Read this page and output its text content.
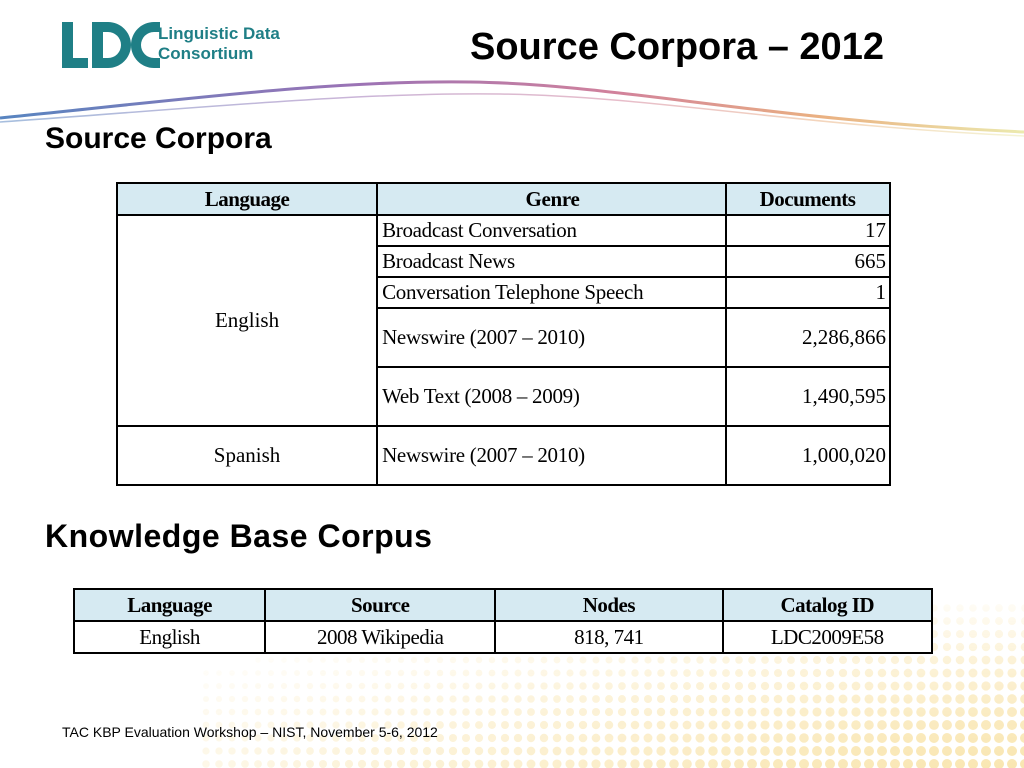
Linguistic Data
Consortium	Source Corpora – 2012
Source Corpora
Language	Genre	Documents
English	Broadcast Conversation	17
	Broadcast News	665
	Conversation Telephone Speech	1
	Newswire (2007 – 2010)	2,286,866
	Web Text (2008 – 2009)	1,490,595
Spanish	Newswire (2007 – 2010)	1,000,020
Knowledge Base Corpus
Language	Source	Nodes	Catalog ID
English	2008 Wikipedia	818, 741	LDC2009E58
TAC KBP Evaluation Workshop – NIST, November 5-6, 2012
